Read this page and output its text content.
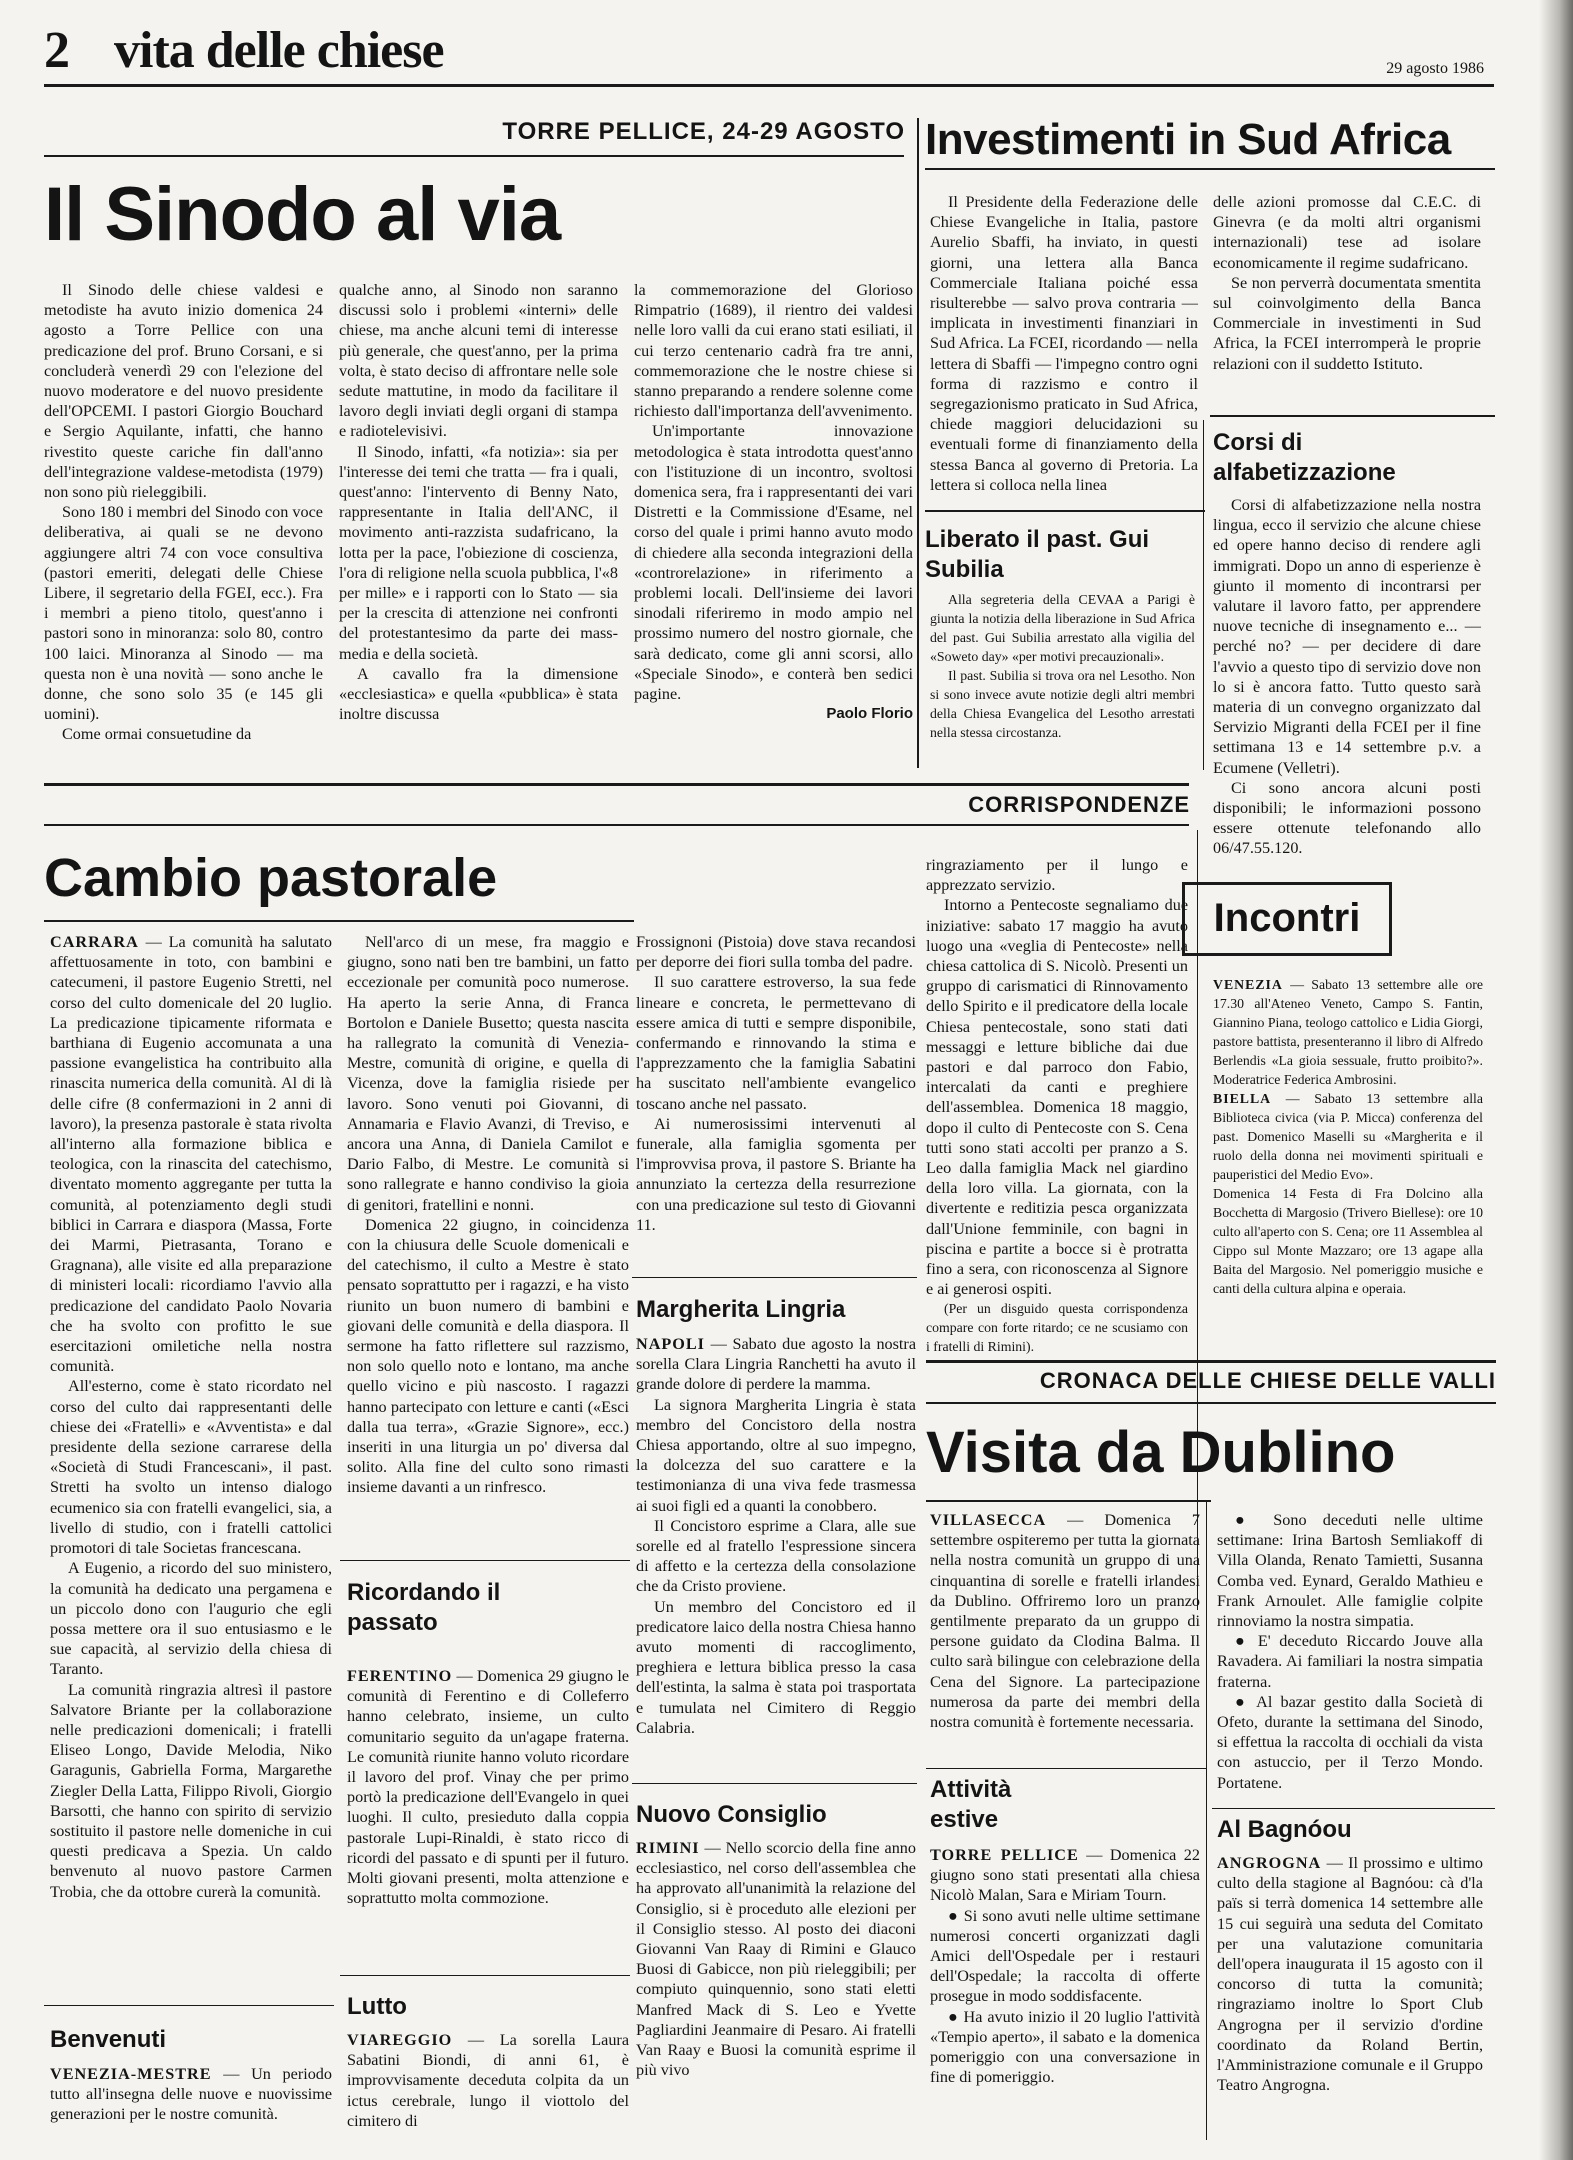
2 vita delle chiese	29 agosto 1986
TORRE PELLICE, 24-29 AGOSTO
Il Sinodo al via

Il Sinodo delle chiese valdesi e metodiste ha avuto inizio domenica 24 agosto a Torre Pellice con una predicazione del prof. Bruno Corsani, e si concluderà venerdì 29 con l'elezione del nuovo moderatore e del nuovo presidente dell'OPCEMI. I pastori Giorgio Bouchard e Sergio Aquilante, infatti, che hanno rivestito queste cariche fin dall'anno dell'integrazione valdese-metodista (1979) non sono più rieleggibili.

Sono 180 i membri del Sinodo con voce deliberativa, ai quali se ne devono aggiungere altri 74 con voce consultiva (pastori emeriti, delegati delle Chiese Libere, il segretario della FGEI, ecc.). Fra i membri a pieno titolo, quest'anno i pastori sono in minoranza: solo 80, contro 100 laici. Minoranza al Sinodo — ma questa non è una novità — sono anche le donne, che sono solo 35 (e 145 gli uomini).

Come ormai consuetudine da

qualche anno, al Sinodo non saranno discussi solo i problemi «interni» delle chiese, ma anche alcuni temi di interesse più generale, che quest'anno, per la prima volta, è stato deciso di affrontare nelle sole sedute mattutine, in modo da facilitare il lavoro degli inviati degli organi di stampa e radiotelevisivi.

Il Sinodo, infatti, «fa notizia»: sia per l'interesse dei temi che tratta — fra i quali, quest'anno: l'intervento di Benny Nato, rappresentante in Italia dell'ANC, il movimento anti-razzista sudafricano, la lotta per la pace, l'obiezione di coscienza, l'ora di religione nella scuola pubblica, l'«8 per mille» e i rapporti con lo Stato — sia per la crescita di attenzione nei confronti del protestantesimo da parte dei mass-media e della società.

A cavallo fra la dimensione «ecclesiastica» e quella «pubblica» è stata inoltre discussa

la commemorazione del Glorioso Rimpatrio (1689), il rientro dei valdesi nelle loro valli da cui erano stati esiliati, il cui terzo centenario cadrà fra tre anni, commemorazione che le nostre chiese si stanno preparando a rendere solenne come richiesto dall'importanza dell'avvenimento.

Un'importante innovazione metodologica è stata introdotta quest'anno con l'istituzione di un incontro, svoltosi domenica sera, fra i rappresentanti dei vari Distretti e la Commissione d'Esame, nel corso del quale i primi hanno avuto modo di chiedere alla seconda integrazioni della «controrelazione» in riferimento a problemi locali. Dell'insieme dei lavori sinodali riferiremo in modo ampio nel prossimo numero del nostro giornale, che sarà dedicato, come gli anni scorsi, allo «Speciale Sinodo», e conterà ben sedici pagine.

Paolo Florio
Investimenti in Sud Africa

Il Presidente della Federazione delle Chiese Evangeliche in Italia, pastore Aurelio Sbaffi, ha inviato, in questi giorni, una lettera alla Banca Commerciale Italiana poiché essa risulterebbe — salvo prova contraria — implicata in investimenti finanziari in Sud Africa. La FCEI, ricordando — nella lettera di Sbaffi — l'impegno contro ogni forma di razzismo e contro il segregazionismo praticato in Sud Africa, chiede maggiori delucidazioni su eventuali forme di finanziamento della stessa Banca al governo di Pretoria. La lettera si colloca nella linea

delle azioni promosse dal C.E.C. di Ginevra (e da molti altri organismi internazionali) tese ad isolare economicamente il regime sudafricano.

Se non perverrà documentata smentita sul coinvolgimento della Banca Commerciale in investimenti in Sud Africa, la FCEI interromperà le proprie relazioni con il suddetto Istituto.

Liberato il past. Gui Subilia

Alla segreteria della CEVAA a Parigi è giunta la notizia della liberazione in Sud Africa del past. Gui Subilia arrestato alla vigilia del «Soweto day» «per motivi precauzionali».

Il past. Subilia si trova ora nel Lesotho. Non si sono invece avute notizie degli altri membri della Chiesa Evangelica del Lesotho arrestati nella stessa circostanza.

Corsi di alfabetizzazione

Corsi di alfabetizzazione nella nostra lingua, ecco il servizio che alcune chiese ed opere hanno deciso di rendere agli immigrati. Dopo un anno di esperienze è giunto il momento di incontrarsi per valutare il lavoro fatto, per apprendere nuove tecniche di insegnamento e... — perché no? — per decidere di dare l'avvio a questo tipo di servizio dove non lo si è ancora fatto. Tutto questo sarà materia di un convegno organizzato dal Servizio Migranti della FCEI per il fine settimana 13 e 14 settembre p.v. a Ecumene (Velletri).

Ci sono ancora alcuni posti disponibili; le informazioni possono essere ottenute telefonando allo 06/47.55.120.

CORRISPONDENZE
Cambio pastorale

CARRARA — La comunità ha salutato affettuosamente in toto, con bambini e catecumeni, il pastore Eugenio Stretti, nel corso del culto domenicale del 20 luglio. La predicazione tipicamente riformata e barthiana di Eugenio accomunata a una passione evangelistica ha contribuito alla rinascita numerica della comunità. Al di là delle cifre (8 confermazioni in 2 anni di lavoro), la presenza pastorale è stata rivolta all'interno alla formazione biblica e teologica, con la rinascita del catechismo, diventato momento aggregante per tutta la comunità, al potenziamento degli studi biblici in Carrara e diaspora (Massa, Forte dei Marmi, Pietrasanta, Torano e Gragnana), alle visite ed alla preparazione di ministeri locali: ricordiamo l'avvio alla predicazione del candidato Paolo Novaria che ha svolto con profitto le sue esercitazioni omiletiche nella nostra comunità.

All'esterno, come è stato ricordato nel corso del culto dai rappresentanti delle chiese dei «Fratelli» e «Avventista» e dal presidente della sezione carrarese della «Società di Studi Francescani», il past. Stretti ha svolto un intenso dialogo ecumenico sia con fratelli evangelici, sia, a livello di studio, con i fratelli cattolici promotori di tale Societas francescana.

A Eugenio, a ricordo del suo ministero, la comunità ha dedicato una pergamena e un piccolo dono con l'augurio che egli possa mettere ora il suo entusiasmo e le sue capacità, al servizio della chiesa di Taranto.

La comunità ringrazia altresì il pastore Salvatore Briante per la collaborazione nelle predicazioni domenicali; i fratelli Eliseo Longo, Davide Melodia, Niko Garagunis, Gabriella Forma, Margarethe Ziegler Della Latta, Filippo Rivoli, Giorgio Barsotti, che hanno con spirito di servizio sostituito il pastore nelle domeniche in cui questi predicava a Spezia. Un caldo benvenuto al nuovo pastore Carmen Trobia, che da ottobre curerà la comunità.

Benvenuti

VENEZIA-MESTRE — Un periodo tutto all'insegna delle nuove e nuovissime generazioni per le nostre comunità.

Nell'arco di un mese, fra maggio e giugno, sono nati ben tre bambini, un fatto eccezionale per comunità poco numerose. Ha aperto la serie Anna, di Franca Bortolon e Daniele Busetto; questa nascita ha rallegrato la comunità di Venezia-Mestre, comunità di origine, e quella di Vicenza, dove la famiglia risiede per lavoro. Sono venuti poi Giovanni, di Annamaria e Flavio Avanzi, di Treviso, e ancora una Anna, di Daniela Camilot e Dario Falbo, di Mestre. Le comunità si sono rallegrate e hanno condiviso la gioia di genitori, fratellini e nonni.

Domenica 22 giugno, in coincidenza con la chiusura delle Scuole domenicali e del catechismo, il culto a Mestre è stato pensato soprattutto per i ragazzi, e ha visto riunito un buon numero di bambini e giovani delle comunità e della diaspora. Il sermone ha fatto riflettere sul razzismo, non solo quello noto e lontano, ma anche quello vicino e più nascosto. I ragazzi hanno partecipato con letture e canti («Esci dalla tua terra», «Grazie Signore», ecc.) inseriti in una liturgia un po' diversa dal solito. Alla fine del culto sono rimasti insieme davanti a un rinfresco.

Ricordando il passato

FERENTINO — Domenica 29 giugno le comunità di Ferentino e di Colleferro hanno celebrato, insieme, un culto comunitario seguito da un'agape fraterna. Le comunità riunite hanno voluto ricordare il lavoro del prof. Vinay che per primo portò la predicazione dell'Evangelo in quei luoghi. Il culto, presieduto dalla coppia pastorale Lupi-Rinaldi, è stato ricco di ricordi del passato e di spunti per il futuro. Molti giovani presenti, molta attenzione e soprattutto molta commozione.

Lutto

VIAREGGIO — La sorella Laura Sabatini Biondi, di anni 61, è improvvisamente deceduta colpita da un ictus cerebrale, lungo il viottolo del cimitero di

Frossignoni (Pistoia) dove stava recandosi per deporre dei fiori sulla tomba del padre.

Il suo carattere estroverso, la sua fede lineare e concreta, le permettevano di essere amica di tutti e sempre disponibile, confermando e rinnovando la stima e l'apprezzamento che la famiglia Sabatini ha suscitato nell'ambiente evangelico toscano anche nel passato.

Ai numerosissimi intervenuti al funerale, alla famiglia sgomenta per l'improvvisa prova, il pastore S. Briante ha annunziato la certezza della resurrezione con una predicazione sul testo di Giovanni 11.

Margherita Lingria

NAPOLI — Sabato due agosto la nostra sorella Clara Lingria Ranchetti ha avuto il grande dolore di perdere la mamma.

La signora Margherita Lingria è stata membro del Concistoro della nostra Chiesa apportando, oltre al suo impegno, la dolcezza del suo carattere e la testimonianza di una viva fede trasmessa ai suoi figli ed a quanti la conobbero.

Il Concistoro esprime a Clara, alle sue sorelle ed al fratello l'espressione sincera di affetto e la certezza della consolazione che da Cristo proviene.

Un membro del Concistoro ed il predicatore laico della nostra Chiesa hanno avuto momenti di raccoglimento, preghiera e lettura biblica presso la casa dell'estinta, la salma è stata poi trasportata e tumulata nel Cimitero di Reggio Calabria.

Nuovo Consiglio

RIMINI — Nello scorcio della fine anno ecclesiastico, nel corso dell'assemblea che ha approvato all'unanimità la relazione del Consiglio, si è proceduto alle elezioni per il Consiglio stesso. Al posto dei diaconi Giovanni Van Raay di Rimini e Glauco Buosi di Gabicce, non più rieleggibili; per compiuto quinquennio, sono stati eletti Manfred Mack di S. Leo e Yvette Pagliardini Jeanmaire di Pesaro. Ai fratelli Van Raay e Buosi la comunità esprime il più vivo

ringraziamento per il lungo e apprezzato servizio.

Intorno a Pentecoste segnaliamo due iniziative: sabato 17 maggio ha avuto luogo una «veglia di Pentecoste» nella chiesa cattolica di S. Nicolò. Presenti un gruppo di carismatici di Rinnovamento dello Spirito e il predicatore della locale Chiesa pentecostale, sono stati dati messaggi e letture bibliche dai due pastori e dal parroco don Fabio, intercalati da canti e preghiere dell'assemblea. Domenica 18 maggio, dopo il culto di Pentecoste con S. Cena tutti sono stati accolti per pranzo a S. Leo dalla famiglia Mack nel giardino della loro villa. La giornata, con la divertente e reditizia pesca organizzata dall'Unione femminile, con bagni in piscina e partite a bocce si è protratta fino a sera, con riconoscenza al Signore e ai generosi ospiti.

(Per un disguido questa corrispondenza compare con forte ritardo; ce ne scusiamo con i fratelli di Rimini).

Incontri

VENEZIA — Sabato 13 settembre alle ore 17.30 all'Ateneo Veneto, Campo S. Fantin, Giannino Piana, teologo cattolico e Lidia Giorgi, pastore battista, presenteranno il libro di Alfredo Berlendis «La gioia sessuale, frutto proibito?». Moderatrice Federica Ambrosini.

BIELLA — Sabato 13 settembre alla Biblioteca civica (via P. Micca) conferenza del past. Domenico Maselli su «Margherita e il ruolo della donna nei movimenti spirituali e pauperistici del Medio Evo».

Domenica 14 Festa di Fra Dolcino alla Bocchetta di Margosio (Trivero Biellese): ore 10 culto all'aperto con S. Cena; ore 11 Assemblea al Cippo sul Monte Mazzaro; ore 13 agape alla Baita del Margosio. Nel pomeriggio musiche e canti della cultura alpina e operaia.

CRONACA DELLE CHIESE DELLE VALLI
Visita da Dublino

VILLASECCA — Domenica 7 settembre ospiteremo per tutta la giornata nella nostra comunità un gruppo di una cinquantina di sorelle e fratelli irlandesi da Dublino. Offriremo loro un pranzo gentilmente preparato da un gruppo di persone guidato da Clodina Balma. Il culto sarà bilingue con celebrazione della Cena del Signore. La partecipazione numerosa da parte dei membri della nostra comunità è fortemente necessaria.

Attività estive

TORRE PELLICE — Domenica 22 giugno sono stati presentati alla chiesa Nicolò Malan, Sara e Miriam Tourn.

● Si sono avuti nelle ultime settimane numerosi concerti organizzati dagli Amici dell'Ospedale per i restauri dell'Ospedale; la raccolta di offerte prosegue in modo soddisfacente.

● Ha avuto inizio il 20 luglio l'attività «Tempio aperto», il sabato e la domenica pomeriggio con una conversazione in fine di pomeriggio.

● Sono deceduti nelle ultime settimane: Irina Bartosh Semliakoff di Villa Olanda, Renato Tamietti, Susanna Comba ved. Eynard, Geraldo Mathieu e Frank Arnoulet. Alle famiglie colpite rinnoviamo la nostra simpatia.

● E' deceduto Riccardo Jouve alla Ravadera. Ai familiari la nostra simpatia fraterna.

● Al bazar gestito dalla Società di Ofeto, durante la settimana del Sinodo, si effettua la raccolta di occhiali da vista con astuccio, per il Terzo Mondo. Portatene.

Al Bagnóou

ANGROGNA — Il prossimo e ultimo culto della stagione al Bagnóou: cà d'la païs si terrà domenica 14 settembre alle 15 cui seguirà una seduta del Comitato per una valutazione comunitaria dell'opera inaugurata il 15 agosto con il concorso di tutta la comunità; ringraziamo inoltre lo Sport Club Angrogna per il servizio d'ordine coordinato da Roland Bertin, l'Amministrazione comunale e il Gruppo Teatro Angrogna.
